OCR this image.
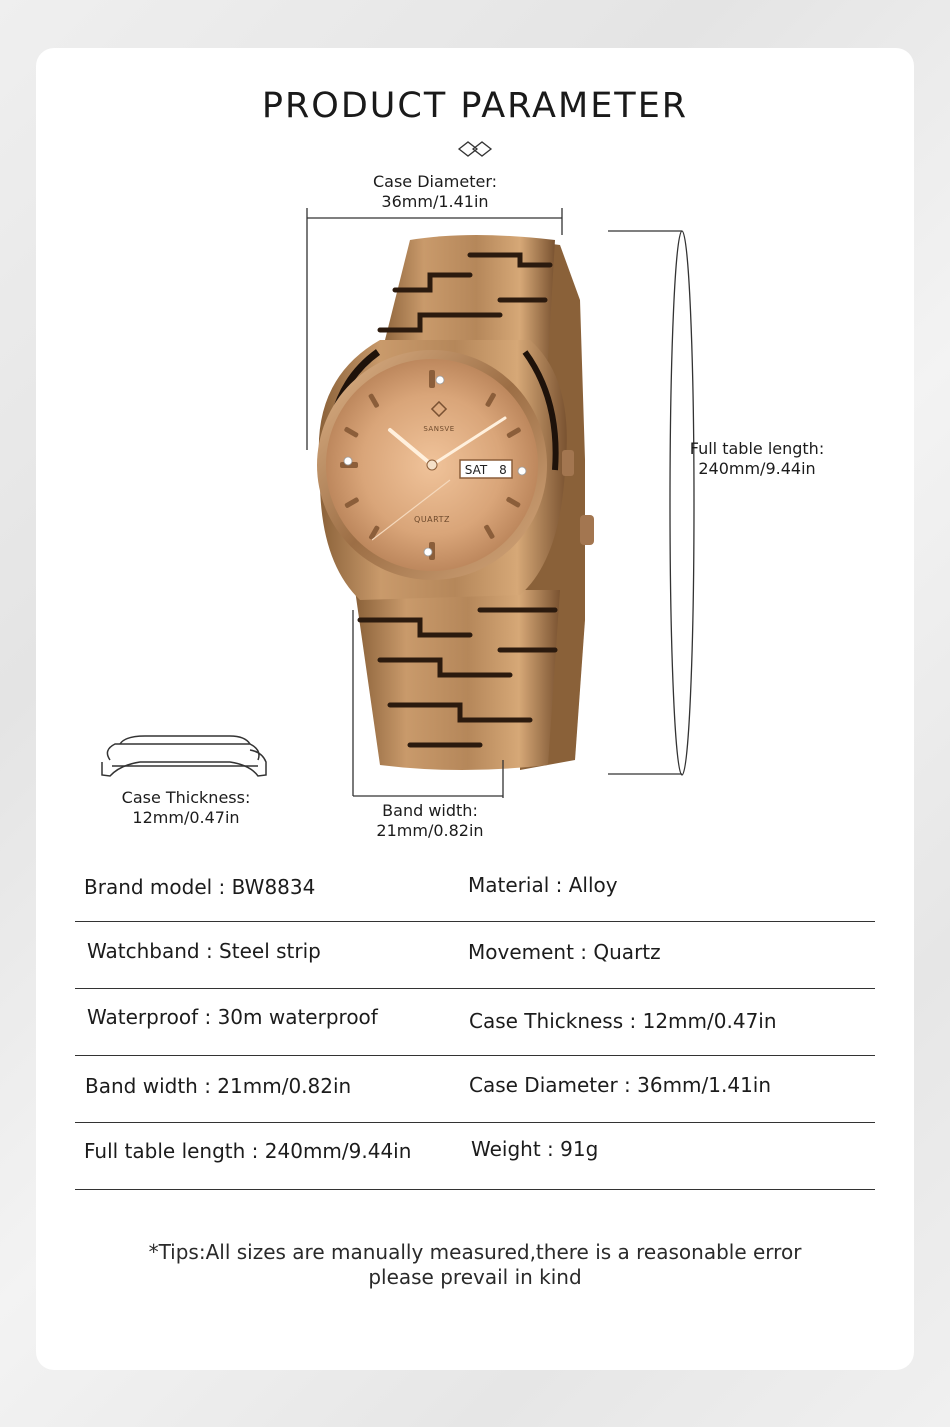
PRODUCT PARAMETER
SANSVE
QUARTZ
SAT 8
Case Diameter:
36mm/1.41in
Full table length:
240mm/9.44in
Case Thickness:
12mm/0.47in	Band width:
21mm/0.82in
Brand model : BW8834	Material : Alloy
Watchband : Steel strip	Movement : Quartz
Waterproof : 30m waterproof	Case Thickness : 12mm/0.47in
Band width : 21mm/0.82in	Case Diameter : 36mm/1.41in
Full table length : 240mm/9.44in	Weight : 91g
*Tips:All sizes are manually measured,there is a reasonable error
please prevail in kind
